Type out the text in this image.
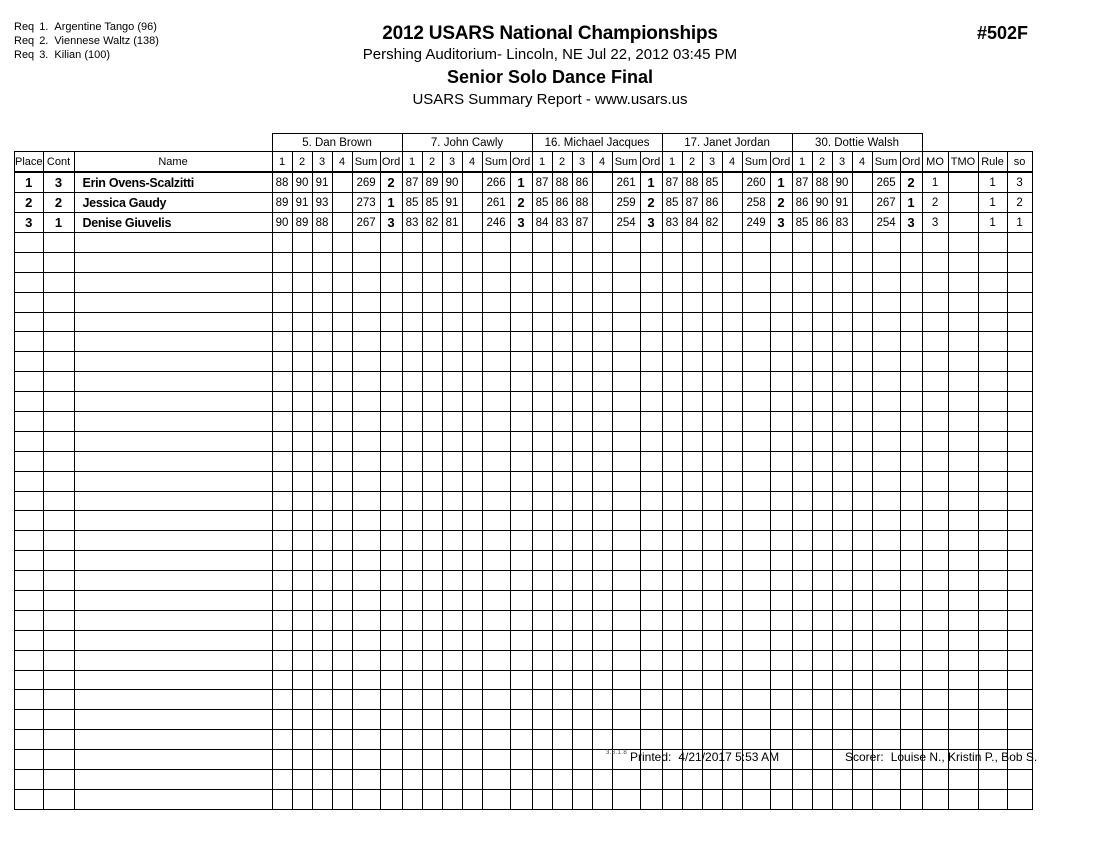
Req 1. Argentine Tango (96)
Req 2. Viennese Waltz (138)
Req 3. Kilian (100)
2012 USARS National Championships
Pershing Auditorium- Lincoln, NE Jul 22, 2012 03:45 PM
Senior Solo Dance Final
USARS Summary Report - www.usars.us
#502F
			5. Dan Brown						7. John Cawly						16. Michael Jacques						17. Janet Jordan						30. Dottie Walsh									
Place	Cont	Name	1	2	3	4	Sum	Ord	1	2	3	4	Sum	Ord	1	2	3	4	Sum	Ord	1	2	3	4	Sum	Ord	1	2	3	4	Sum	Ord	MO	TMO	Rule	so
1	3	Erin Ovens-Scalzitti	88	90	91		269	2	87	89	90		266	1	87	88	86		261	1	87	88	85		260	1	87	88	90		265	2	1		1	3
2	2	Jessica Gaudy	89	91	93		273	1	85	85	91		261	2	85	86	88		259	2	85	87	86		258	2	86	90	91		267	1	2		1	2
3	1	Denise Giuvelis	90	89	88		267	3	83	82	81		246	3	84	83	87		254	3	83	84	82		249	3	85	86	83		254	3	3		1	1

3.8.1.8 Printed: 4/21/2017 5:53 AM	Scorer: Louise N., Kristin P., Bob S.
